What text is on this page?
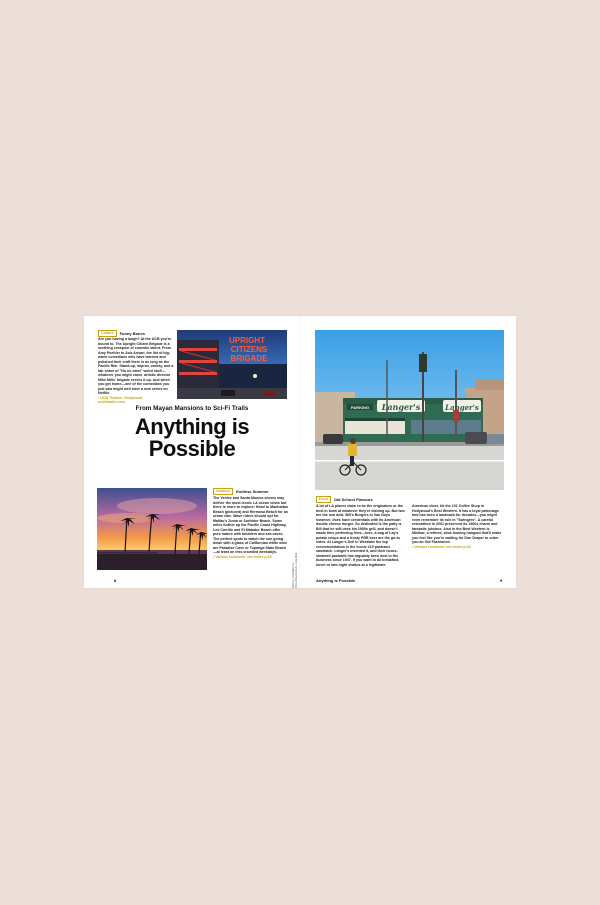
Culture	Funny Bones

Are you having a laugh? At the UCB you're bound to. The Upright Citizen Brigade is a seething cesspool of comedic talent. From Amy Poehler to Aziz Ansari, the list of big-name comedians who have learned and polished their craft there is as long as the Pacific Rim. Stand-up, improv, variety, and a fair share of "No no idea!" weird stuff—whatever you might crave, artistic director Mike Mills' brigade serves it up. And when you get home—one of the comedians you just saw might well have a new series on Netflix.
• UCB Theatre, Hollywood,
ucbtheatre.com

UPRIGHT
CITIZENS
BRIGADE
From Mayan Mansions to Sci-Fi Trails
Anything is
Possible
Outdoor	Endless Summer

The Venice and Santa Monica shores may deliver the most iconic LA ocean views but there is more to explore: Head to Manhattan Beach (pictured) and Hermosa Beach for an urban vibe. Wave riders should opt for Malibu's Zuma or Surfrider Beach. Some miles further up the Pacific Coast Highway, Leo Carrillo and El Matador Beach offer pure nature with boulders and sea caves. The perfect spots to watch the sun going down with a glass of Californian white wine are Paradise Cove or Topanga State Beach—at least on less crowded weekdays.
• Various locations, see index p.63

Photos: Credit/photos, Photo/Shutterstock, Lorem/Kal
8
Langer's	Langer's
PARKING
Food	Old School Flavours

A lot of LA places claim to be the originators or the best in town at whatever they're dishing up. But two are the real deal. Bill's Burgers in Van Nuys however, does have credentials with its American double cheese burger. So dedicated is the patty is Bill that he still uses his 1950s grill, and doesn't waste time perfecting fries—here, a bag of Lay's potato crisps and a frosty PBR beer are the go-to sides. At Langer's Deli in Westlake the top recommendation is the iconic #19 pastrami sandwich. Langer's invented it, and their hours-steamed pastrami has arguably been best in the business since 1947. If you want to do breakfast, lunch or late-night shakes at a legitimate

American diner, hit the 101 Coffee Shop in Hollywood's Best Western. It has a loyal patronage and has been a landmark for decades—you might even remember its role in "Swingers". A careful restoration in 2001 preserved its 1960s charm and fantastic jukebox. Also in the Best Western is Minibar, a refined, slick-looking hangout that'll make you feel like you're waiting for Don Draper to order you an Old Fashioned.
• Various locations, see index p.63

Anything is Possible	9
